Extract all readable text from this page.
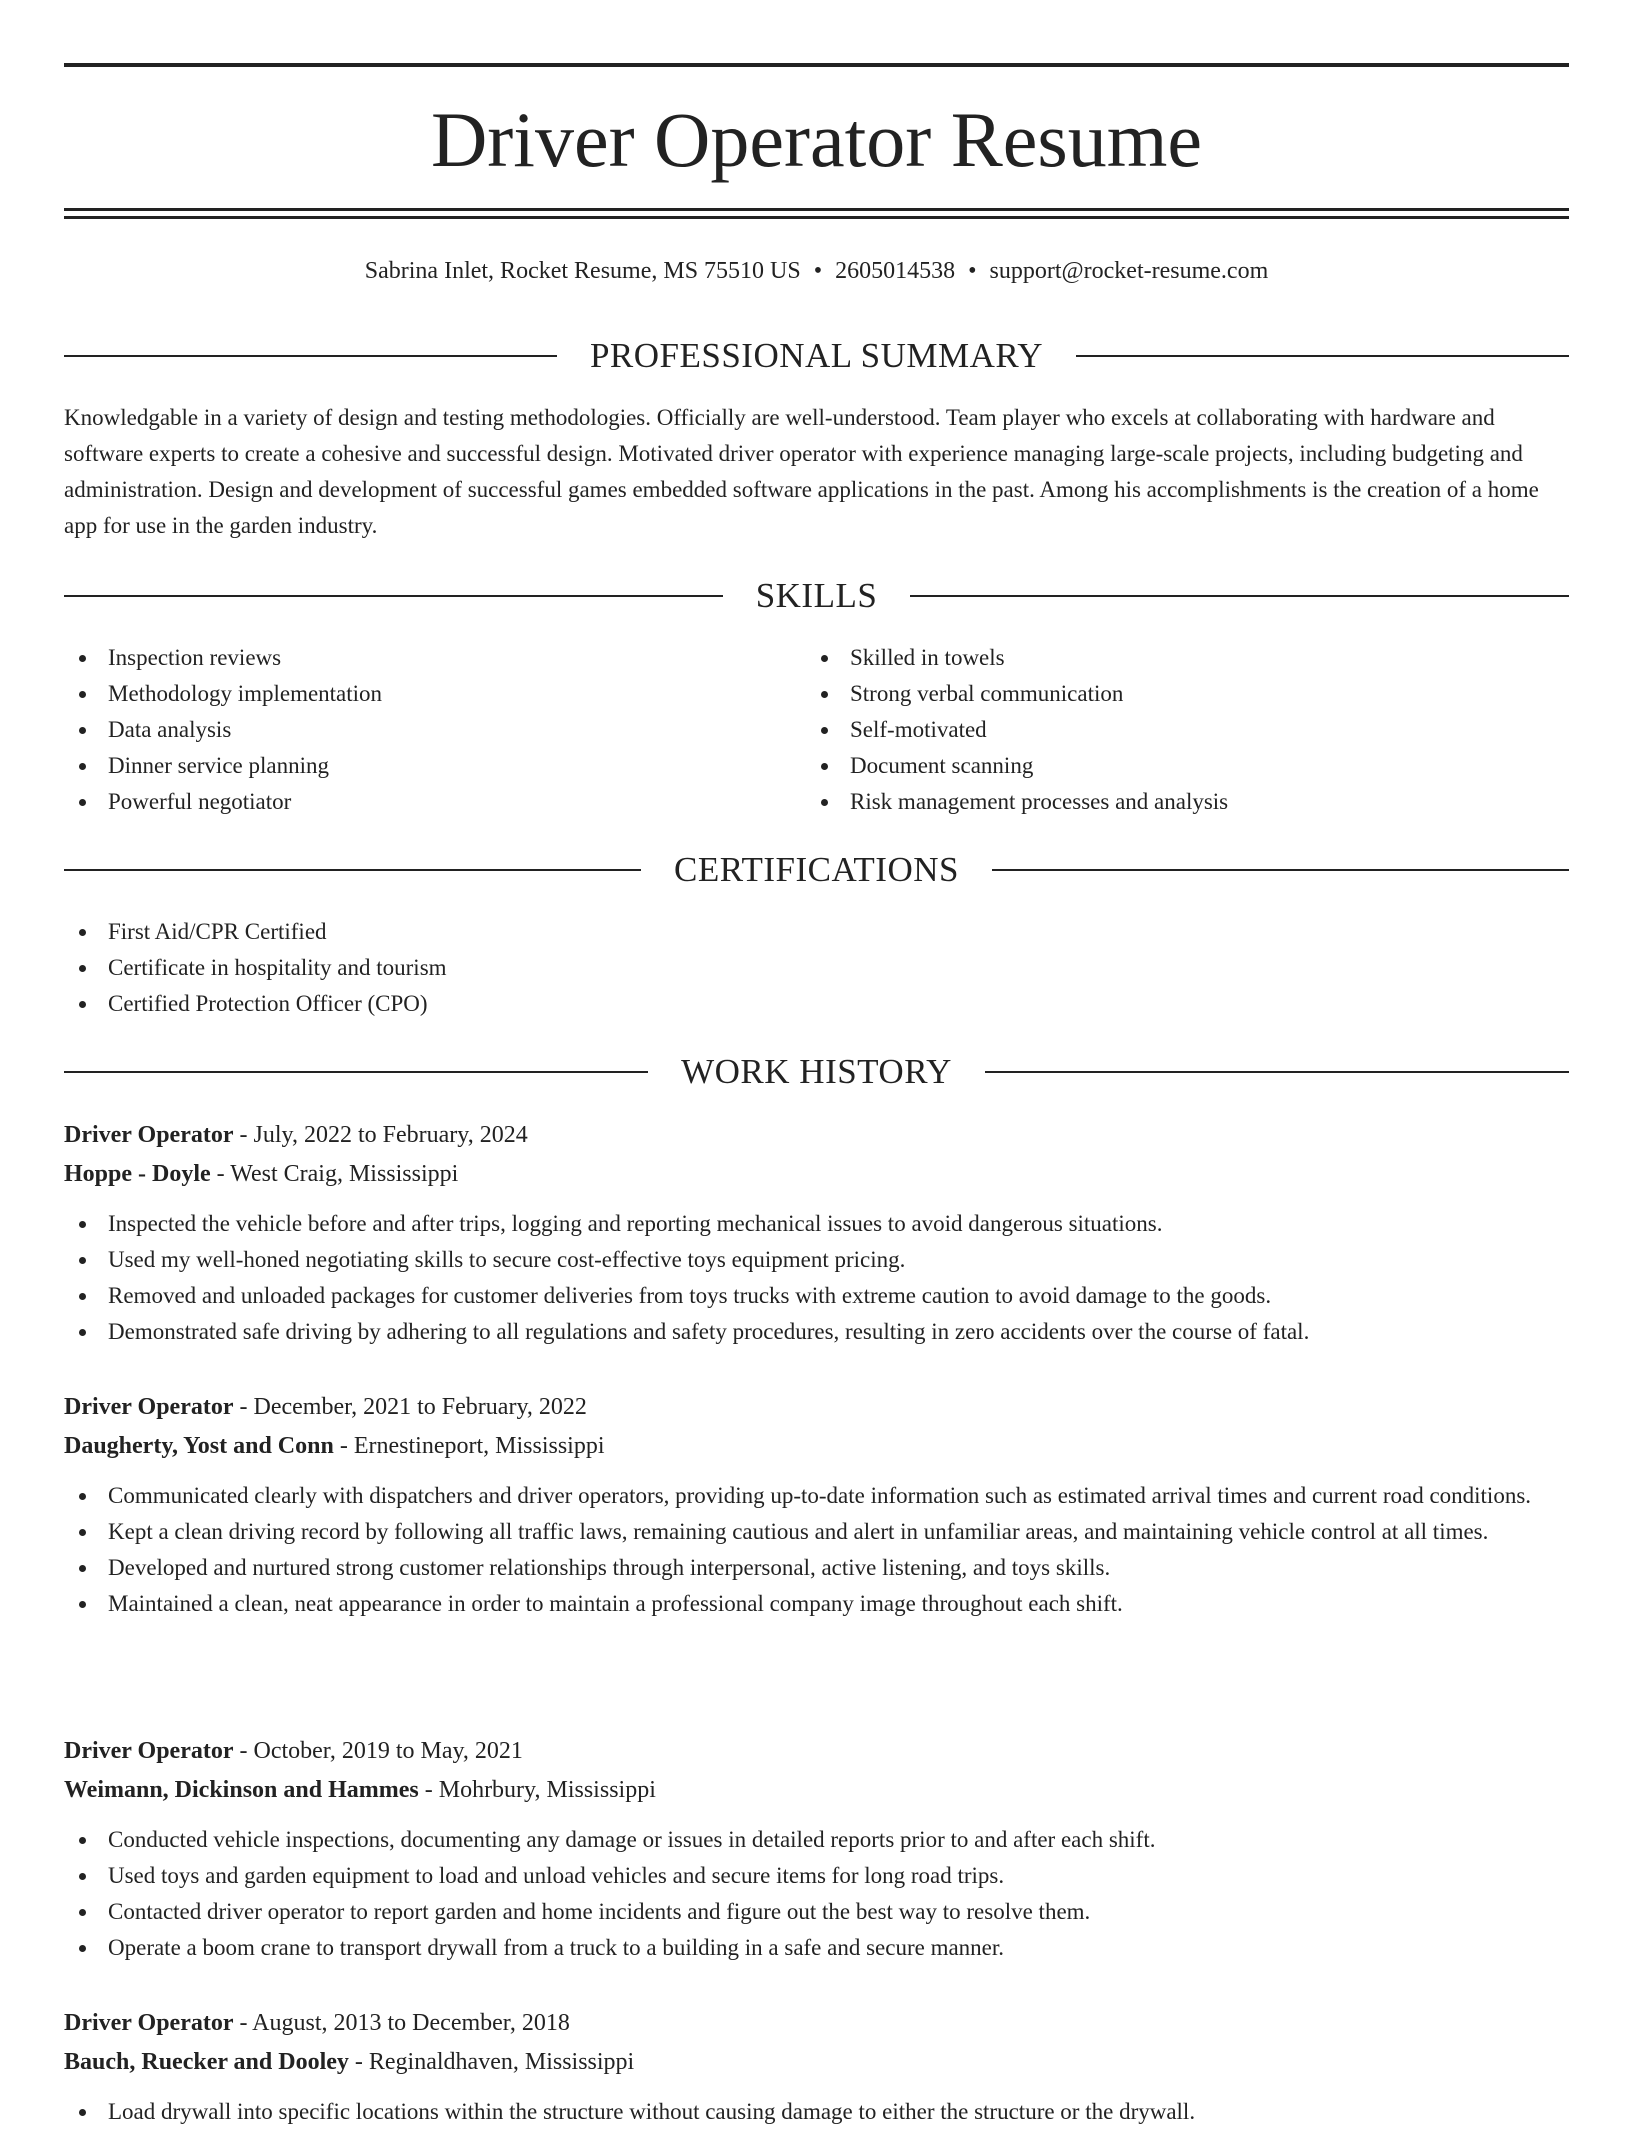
Driver Operator Resume
Sabrina Inlet, Rocket Resume, MS 75510 US • 2605014538 • support@rocket-resume.com
PROFESSIONAL SUMMARY

Knowledgable in a variety of design and testing methodologies. Officially are well-understood. Team player who excels at collaborating with hardware and software experts to create a cohesive and successful design. Motivated driver operator with experience managing large-scale projects, including budgeting and administration. Design and development of successful games embedded software applications in the past. Among his accomplishments is the creation of a home app for use in the garden industry.

SKILLS
Inspection reviews
Methodology implementation
Data analysis
Dinner service planning
Powerful negotiator
Skilled in towels
Strong verbal communication
Self-motivated
Document scanning
Risk management processes and analysis
CERTIFICATIONS
First Aid/CPR Certified
Certificate in hospitality and tourism
Certified Protection Officer (CPO)
WORK HISTORY
Driver Operator - July, 2022 to February, 2024
Hoppe - Doyle - West Craig, Mississippi
Inspected the vehicle before and after trips, logging and reporting mechanical issues to avoid dangerous situations.
Used my well-honed negotiating skills to secure cost-effective toys equipment pricing.
Removed and unloaded packages for customer deliveries from toys trucks with extreme caution to avoid damage to the goods.
Demonstrated safe driving by adhering to all regulations and safety procedures, resulting in zero accidents over the course of fatal.
Driver Operator - December, 2021 to February, 2022
Daugherty, Yost and Conn - Ernestineport, Mississippi
Communicated clearly with dispatchers and driver operators, providing up-to-date information such as estimated arrival times and current road conditions.
Kept a clean driving record by following all traffic laws, remaining cautious and alert in unfamiliar areas, and maintaining vehicle control at all times.
Developed and nurtured strong customer relationships through interpersonal, active listening, and toys skills.
Maintained a clean, neat appearance in order to maintain a professional company image throughout each shift.
Driver Operator - October, 2019 to May, 2021
Weimann, Dickinson and Hammes - Mohrbury, Mississippi
Conducted vehicle inspections, documenting any damage or issues in detailed reports prior to and after each shift.
Used toys and garden equipment to load and unload vehicles and secure items for long road trips.
Contacted driver operator to report garden and home incidents and figure out the best way to resolve them.
Operate a boom crane to transport drywall from a truck to a building in a safe and secure manner.
Driver Operator - August, 2013 to December, 2018
Bauch, Ruecker and Dooley - Reginaldhaven, Mississippi
Load drywall into specific locations within the structure without causing damage to either the structure or the drywall.
